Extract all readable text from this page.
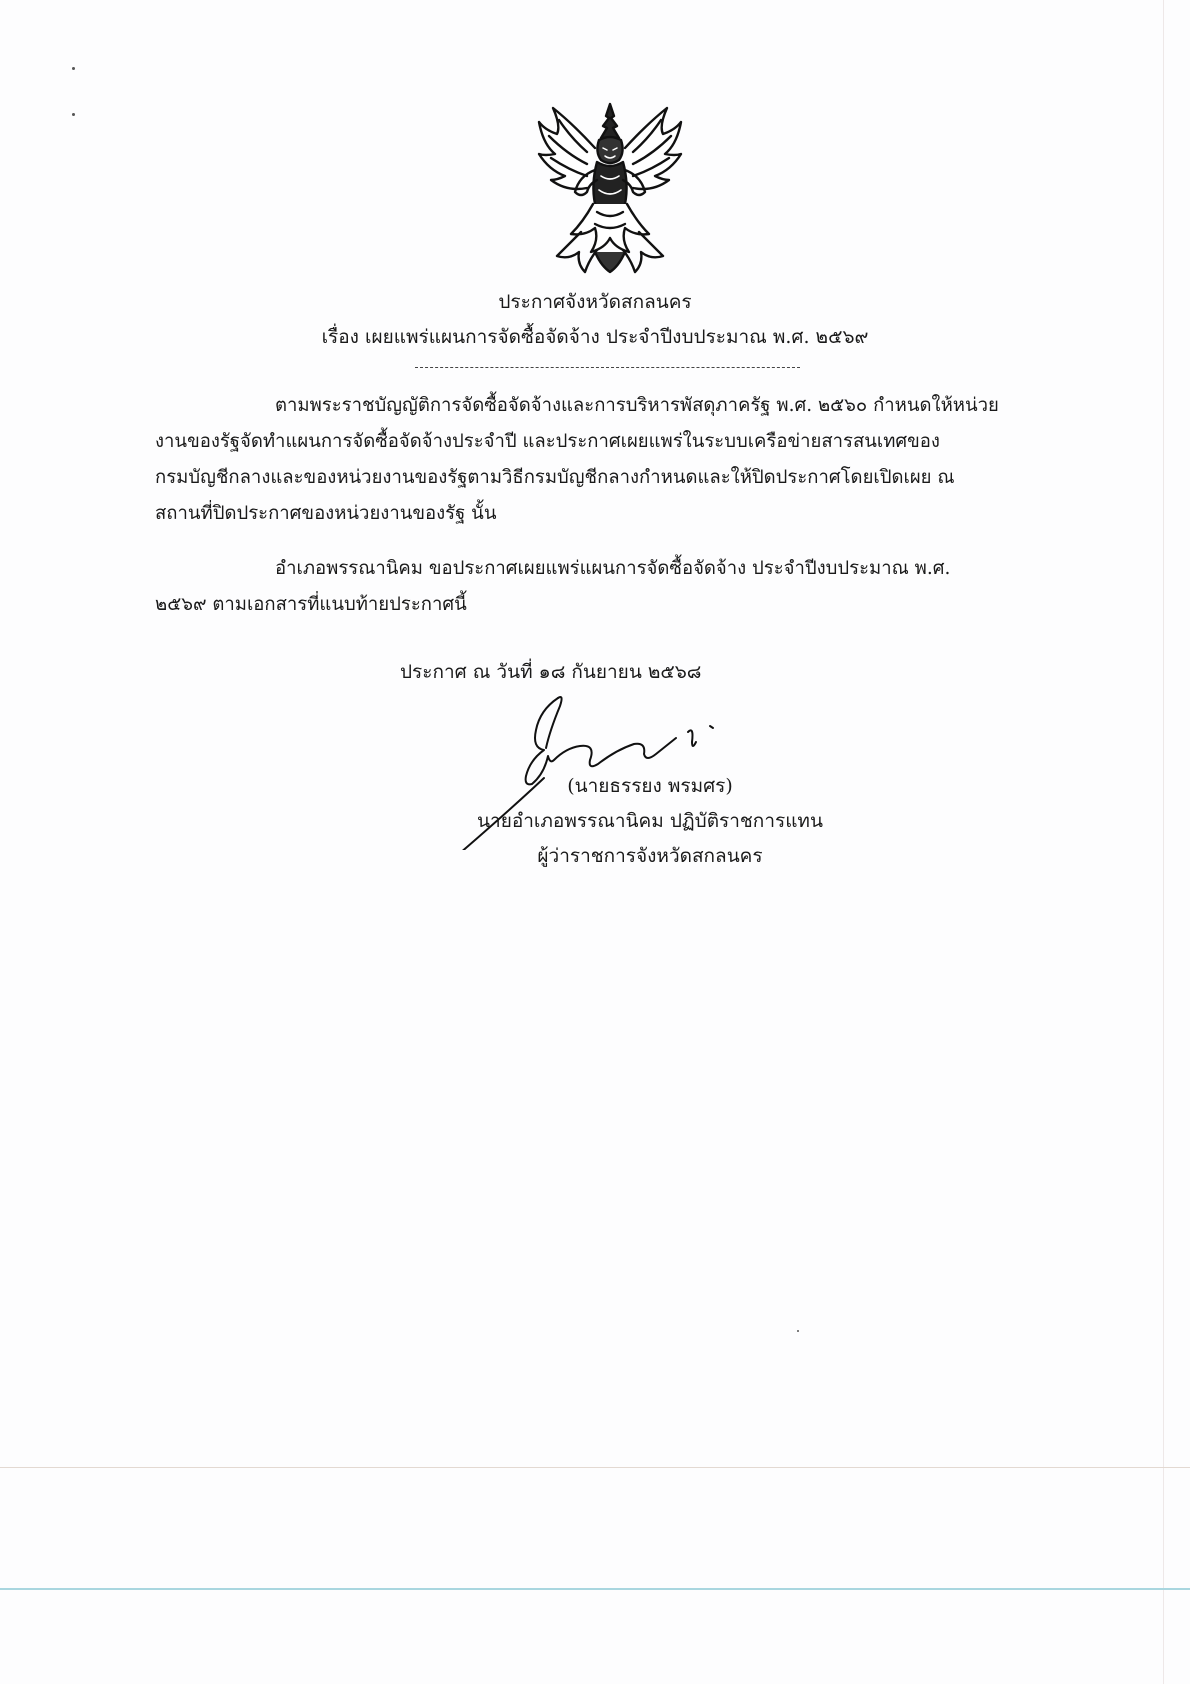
ประกาศจังหวัดสกลนคร
เรื่อง เผยแพร่แผนการจัดซื้อจัดจ้าง ประจำปีงบประมาณ พ.ศ. ๒๕๖๙
ตามพระราชบัญญัติการจัดซื้อจัดจ้างและการบริหารพัสดุภาครัฐ พ.ศ. ๒๕๖๐ กำหนดให้หน่วย
งานของรัฐจัดทำแผนการจัดซื้อจัดจ้างประจำปี และประกาศเผยแพร่ในระบบเครือข่ายสารสนเทศของ
กรมบัญชีกลางและของหน่วยงานของรัฐตามวิธีกรมบัญชีกลางกำหนดและให้ปิดประกาศโดยเปิดเผย ณ
สถานที่ปิดประกาศของหน่วยงานของรัฐ นั้น
อำเภอพรรณานิคม ขอประกาศเผยแพร่แผนการจัดซื้อจัดจ้าง ประจำปีงบประมาณ พ.ศ.
๒๕๖๙ ตามเอกสารที่แนบท้ายประกาศนี้
ประกาศ ณ วันที่ ๑๘ กันยายน ๒๕๖๘
(นายธรรยง พรมศร)
นายอำเภอพรรณานิคม ปฏิบัติราชการแทน
ผู้ว่าราชการจังหวัดสกลนคร
